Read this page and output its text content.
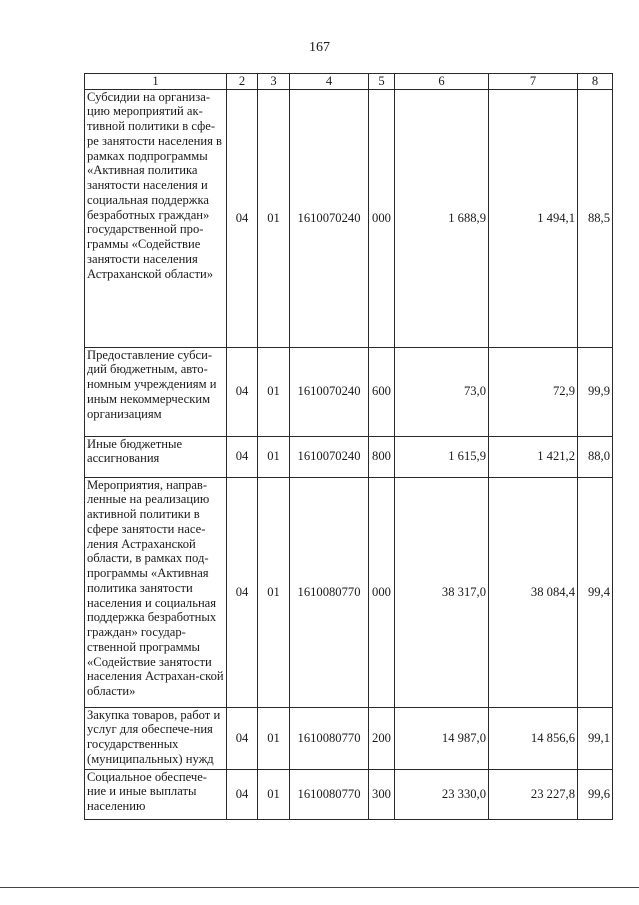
167
1	2	3	4	5	6	7	8
Субсидии на организа-цию мероприятий ак-тивной политики в сфе-ре занятости населения в рамках подпрограммы «Активная политика занятости населения и социальная поддержка безработных граждан» государственной про-граммы «Содействие занятости населения Астраханской области»	04	01	1610070240	000	1 688,9	1 494,1	88,5
Предоставление субси-дий бюджетным, авто-номным учреждениям и иным некоммерческим организациям	04	01	1610070240	600	73,0	72,9	99,9
Иные бюджетные ассигнования	04	01	1610070240	800	1 615,9	1 421,2	88,0
Мероприятия, направ-ленные на реализацию активной политики в сфере занятости насе-ления Астраханской области, в рамках под-программы «Активная политика занятости населения и социальная поддержка безработных граждан» государ-ственной программы «Содействие занятости населения Астрахан-ской области»	04	01	1610080770	000	38 317,0	38 084,4	99,4
Закупка товаров, работ и услуг для обеспече-ния государственных (муниципальных) нужд	04	01	1610080770	200	14 987,0	14 856,6	99,1
Социальное обеспече-ние и иные выплаты населению	04	01	1610080770	300	23 330,0	23 227,8	99,6
